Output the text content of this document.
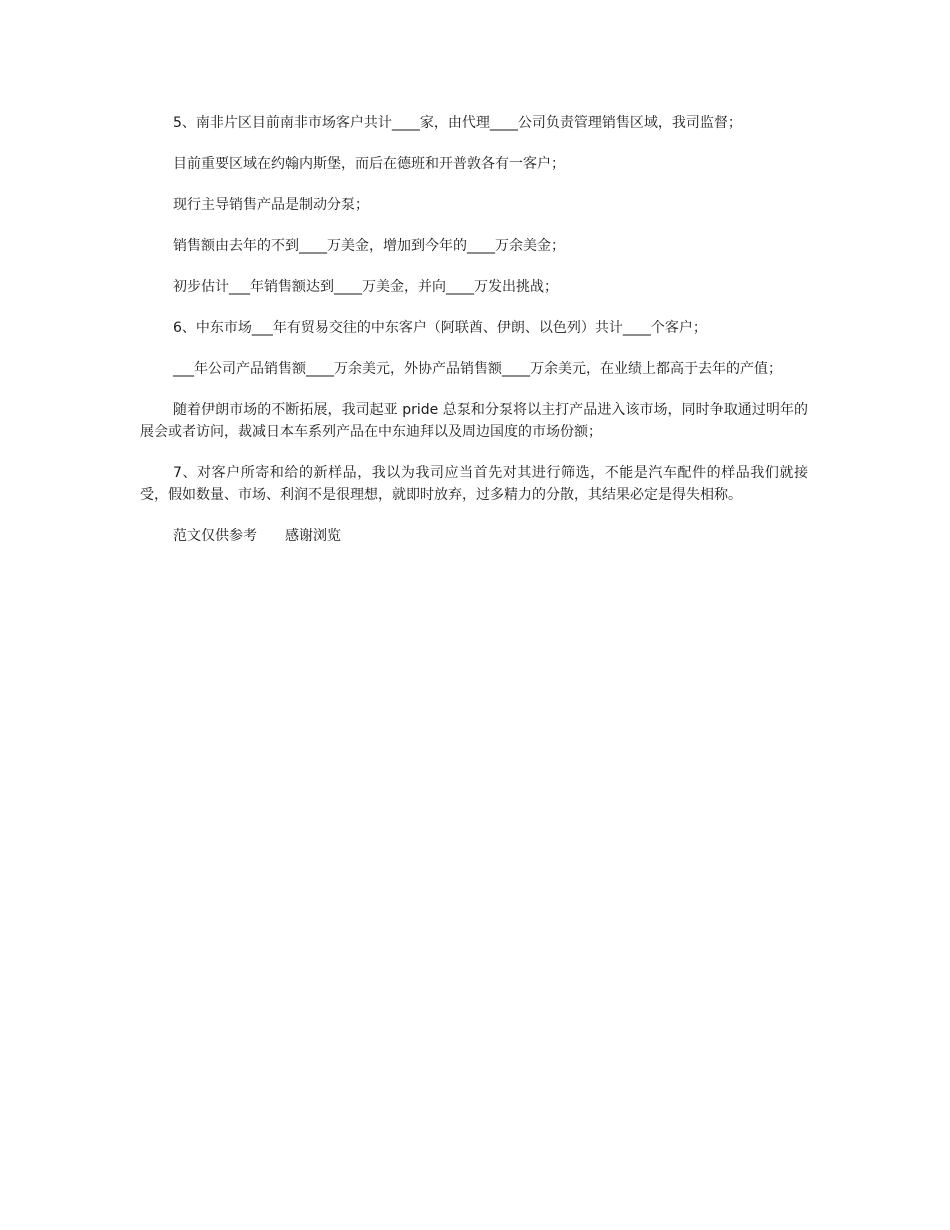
5、南非片区目前南非市场客户共计____家，由代理____公司负责管理销售区域，我司监督；

目前重要区域在约翰内斯堡，而后在德班和开普敦各有一客户；

现行主导销售产品是制动分泵；

销售额由去年的不到____万美金，增加到今年的____万余美金；

初步估计___年销售额达到____万美金，并向____万发出挑战；

6、中东市场___年有贸易交往的中东客户（阿联酋、伊朗、以色列）共计____个客户；

___年公司产品销售额____万余美元，外协产品销售额____万余美元，在业绩上都高于去年的产值；

随着伊朗市场的不断拓展，我司起亚 pride 总泵和分泵将以主打产品进入该市场，同时争取通过明年的展会或者访问，裁减日本车系列产品在中东迪拜以及周边国度的市场份额；

7、对客户所寄和给的新样品，我以为我司应当首先对其进行筛选，不能是汽车配件的样品我们就接受，假如数量、市场、利润不是很理想，就即时放弃，过多精力的分散，其结果必定是得失相称。

范文仅供参考 感谢浏览
